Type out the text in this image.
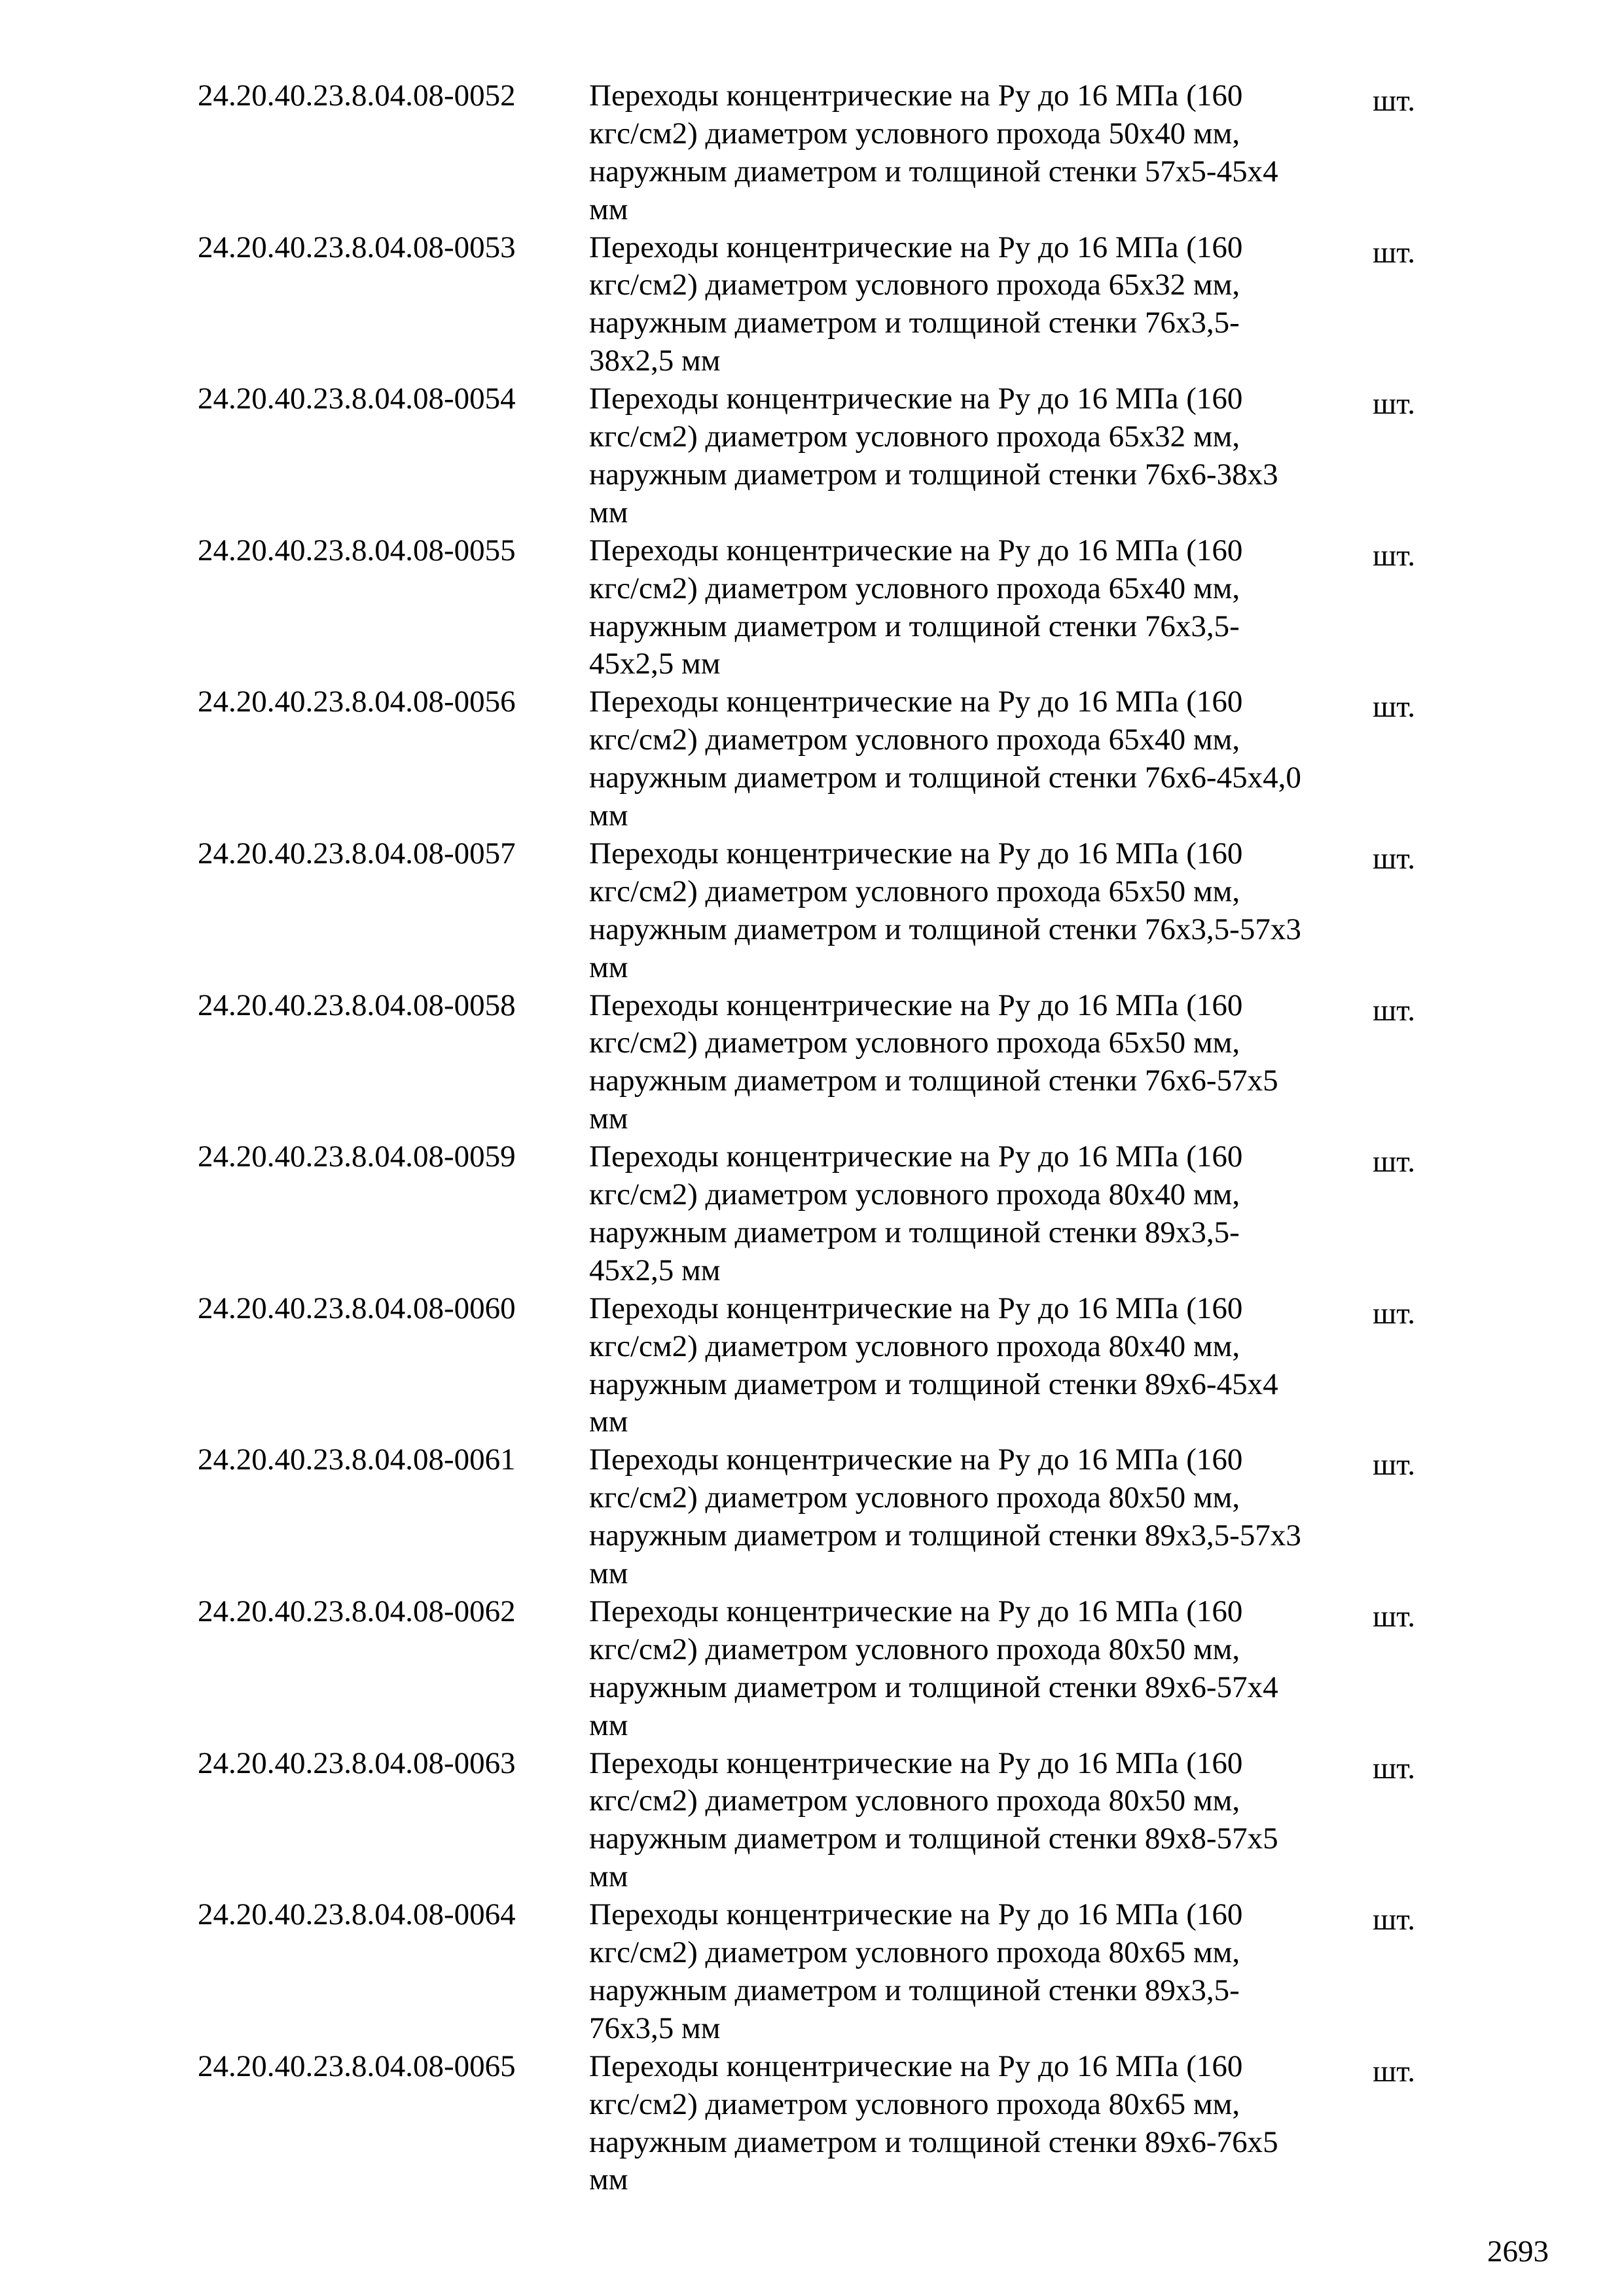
24.20.40.23.8.04.08-0052 Переходы концентрические на Ру до 16 МПа (160
кгс/см2) диаметром условного прохода 50х40 мм,
наружным диаметром и толщиной стенки 57х5-45х4
мм
шт.
24.20.40.23.8.04.08-0053 Переходы концентрические на Ру до 16 МПа (160
кгс/см2) диаметром условного прохода 65х32 мм,
наружным диаметром и толщиной стенки 76х3,5-
38х2,5 мм
шт.
24.20.40.23.8.04.08-0054 Переходы концентрические на Ру до 16 МПа (160
кгс/см2) диаметром условного прохода 65х32 мм,
наружным диаметром и толщиной стенки 76х6-38х3
мм
шт.
24.20.40.23.8.04.08-0055 Переходы концентрические на Ру до 16 МПа (160
кгс/см2) диаметром условного прохода 65х40 мм,
наружным диаметром и толщиной стенки 76х3,5-
45х2,5 мм
шт.
24.20.40.23.8.04.08-0056 Переходы концентрические на Ру до 16 МПа (160
кгс/см2) диаметром условного прохода 65х40 мм,
наружным диаметром и толщиной стенки 76х6-45х4,0
мм
шт.
24.20.40.23.8.04.08-0057 Переходы концентрические на Ру до 16 МПа (160
кгс/см2) диаметром условного прохода 65х50 мм,
наружным диаметром и толщиной стенки 76х3,5-57х3
мм
шт.
24.20.40.23.8.04.08-0058 Переходы концентрические на Ру до 16 МПа (160
кгс/см2) диаметром условного прохода 65х50 мм,
наружным диаметром и толщиной стенки 76х6-57х5
мм
шт.
24.20.40.23.8.04.08-0059 Переходы концентрические на Ру до 16 МПа (160
кгс/см2) диаметром условного прохода 80х40 мм,
наружным диаметром и толщиной стенки 89х3,5-
45х2,5 мм
шт.
24.20.40.23.8.04.08-0060 Переходы концентрические на Ру до 16 МПа (160
кгс/см2) диаметром условного прохода 80х40 мм,
наружным диаметром и толщиной стенки 89х6-45х4
мм
шт.
24.20.40.23.8.04.08-0061 Переходы концентрические на Ру до 16 МПа (160
кгс/см2) диаметром условного прохода 80х50 мм,
наружным диаметром и толщиной стенки 89х3,5-57х3
мм
шт.
24.20.40.23.8.04.08-0062 Переходы концентрические на Ру до 16 МПа (160
кгс/см2) диаметром условного прохода 80х50 мм,
наружным диаметром и толщиной стенки 89х6-57х4
мм
шт.
24.20.40.23.8.04.08-0063 Переходы концентрические на Ру до 16 МПа (160
кгс/см2) диаметром условного прохода 80х50 мм,
наружным диаметром и толщиной стенки 89х8-57х5
мм
шт.
24.20.40.23.8.04.08-0064 Переходы концентрические на Ру до 16 МПа (160
кгс/см2) диаметром условного прохода 80х65 мм,
наружным диаметром и толщиной стенки 89х3,5-
76х3,5 мм
шт.
24.20.40.23.8.04.08-0065 Переходы концентрические на Ру до 16 МПа (160
кгс/см2) диаметром условного прохода 80х65 мм,
наружным диаметром и толщиной стенки 89х6-76х5
мм
шт.
2693
